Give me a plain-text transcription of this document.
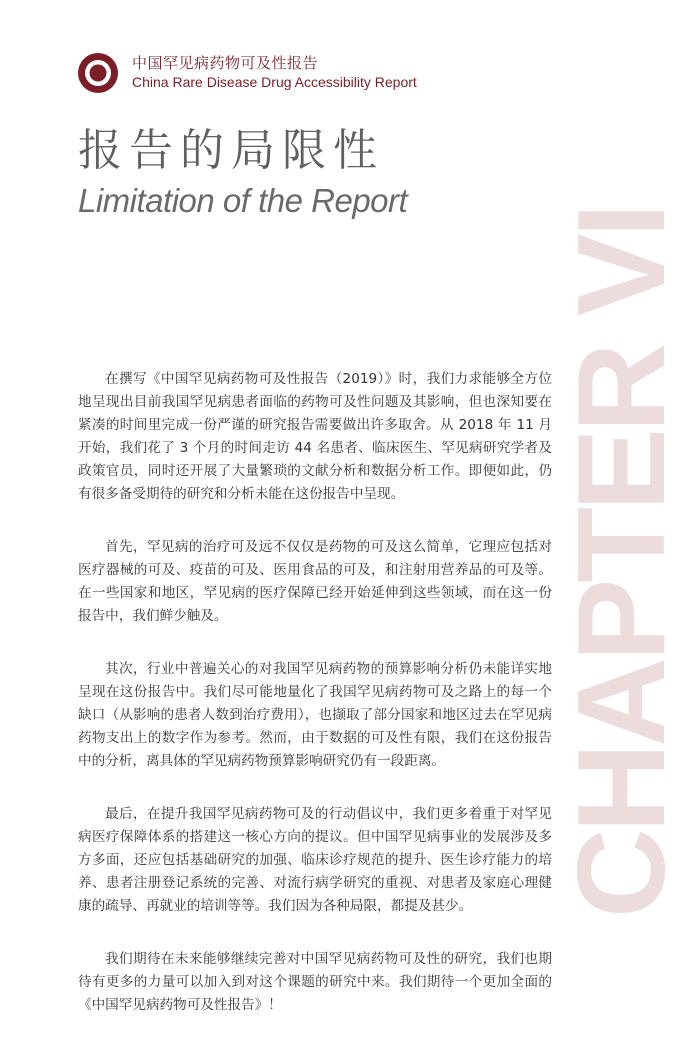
中国罕见病药物可及性报告
China Rare Disease Drug Accessibility Report
报告的局限性
Limitation of the Report
CHAPTER VI

在撰写《中国罕见病药物可及性报告（2019）》时，我们力求能够全方位地呈现出目前我国罕见病患者面临的药物可及性问题及其影响，但也深知要在紧凑的时间里完成一份严谨的研究报告需要做出许多取舍。从 2018 年 11 月开始，我们花了 3 个月的时间走访 44 名患者、临床医生、罕见病研究学者及政策官员，同时还开展了大量繁琐的文献分析和数据分析工作。即便如此，仍有很多备受期待的研究和分析未能在这份报告中呈现。

首先，罕见病的治疗可及远不仅仅是药物的可及这么简单，它理应包括对医疗器械的可及、疫苗的可及、医用食品的可及，和注射用营养品的可及等。在一些国家和地区，罕见病的医疗保障已经开始延伸到这些领域，而在这一份报告中，我们鲜少触及。

其次，行业中普遍关心的对我国罕见病药物的预算影响分析仍未能详实地呈现在这份报告中。我们尽可能地量化了我国罕见病药物可及之路上的每一个缺口（从影响的患者人数到治疗费用），也撷取了部分国家和地区过去在罕见病药物支出上的数字作为参考。然而，由于数据的可及性有限，我们在这份报告中的分析，离具体的罕见病药物预算影响研究仍有一段距离。

最后，在提升我国罕见病药物可及的行动倡议中，我们更多着重于对罕见病医疗保障体系的搭建这一核心方向的提议。但中国罕见病事业的发展涉及多方多面，还应包括基础研究的加强、临床诊疗规范的提升、医生诊疗能力的培养、患者注册登记系统的完善、对流行病学研究的重视、对患者及家庭心理健康的疏导、再就业的培训等等。我们因为各种局限，都提及甚少。

我们期待在未来能够继续完善对中国罕见病药物可及性的研究，我们也期待有更多的力量可以加入到对这个课题的研究中来。我们期待一个更加全面的《中国罕见病药物可及性报告》！
